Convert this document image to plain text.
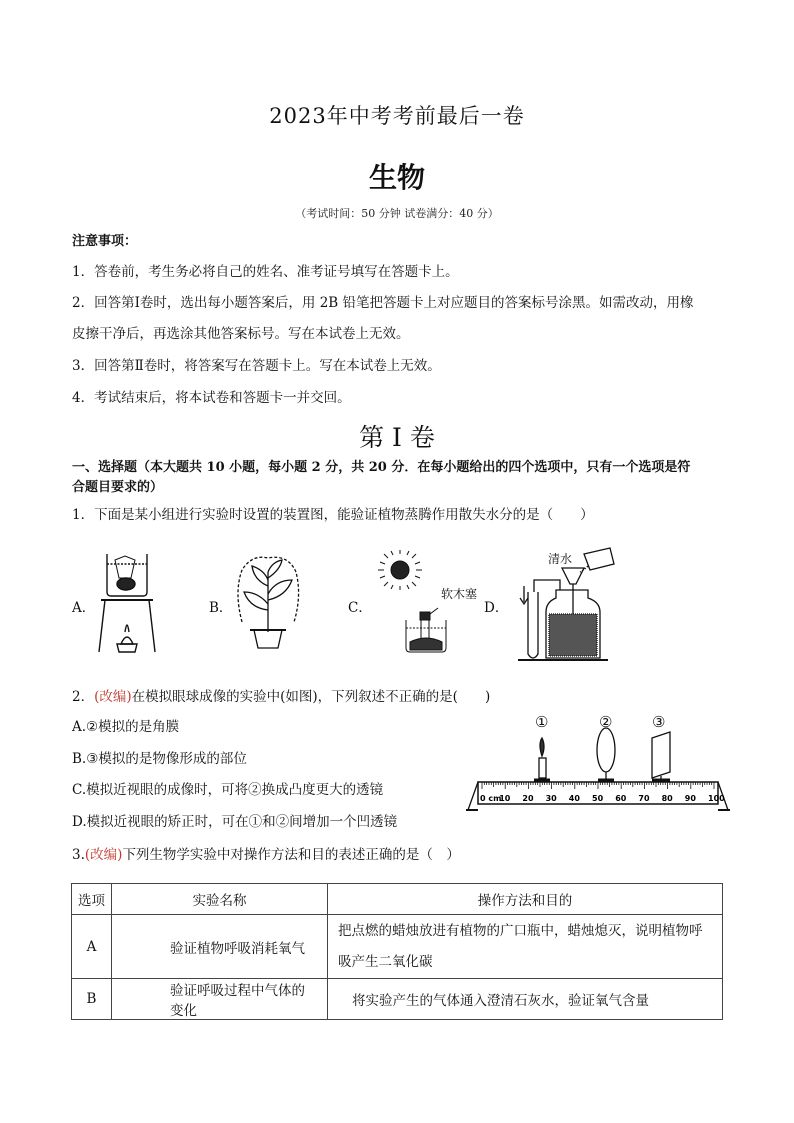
2023年中考考前最后一卷
生物
（考试时间：50 分钟 试卷满分：40 分）
注意事项：
1．答卷前，考生务必将自己的姓名、准考证号填写在答题卡上。
2．回答第Ⅰ卷时，选出每小题答案后，用 2B 铅笔把答题卡上对应题目的答案标号涂黑。如需改动，用橡
皮擦干净后，再选涂其他答案标号。写在本试卷上无效。
3．回答第Ⅱ卷时，将答案写在答题卡上。写在本试卷上无效。
4．考试结束后，将本试卷和答题卡一并交回。
第 I 卷
一、选择题（本大题共 10 小题，每小题 2 分，共 20 分．在每小题给出的四个选项中，只有一个选项是符
合题目要求的）
1．下面是某小组进行实验时设置的装置图，能验证植物蒸腾作用散失水分的是（　　）
A．	B．	C．	D．
软木塞
清水
2．(改编)在模拟眼球成像的实验中(如图)，下列叙述不正确的是(　　)
A.②模拟的是角膜
B.③模拟的是物像形成的部位
C.模拟近视眼的成像时，可将②换成凸度更大的透镜
D.模拟近视眼的矫正时，可在①和②间增加一个凹透镜
0 cm
10 20 30 40 50 60 70 80 90 100
①	②	③
3.(改编)下列生物学实验中对操作方法和目的表述正确的是（　）
选项	实验名称	操作方法和目的
A	验证植物呼吸消耗氧气	把点燃的蜡烛放进有植物的广口瓶中，蜡烛熄灭，说明植物呼
吸产生二氧化碳

B	验证呼吸过程中气体的变化	将实验产生的气体通入澄清石灰水，验证氧气含量
